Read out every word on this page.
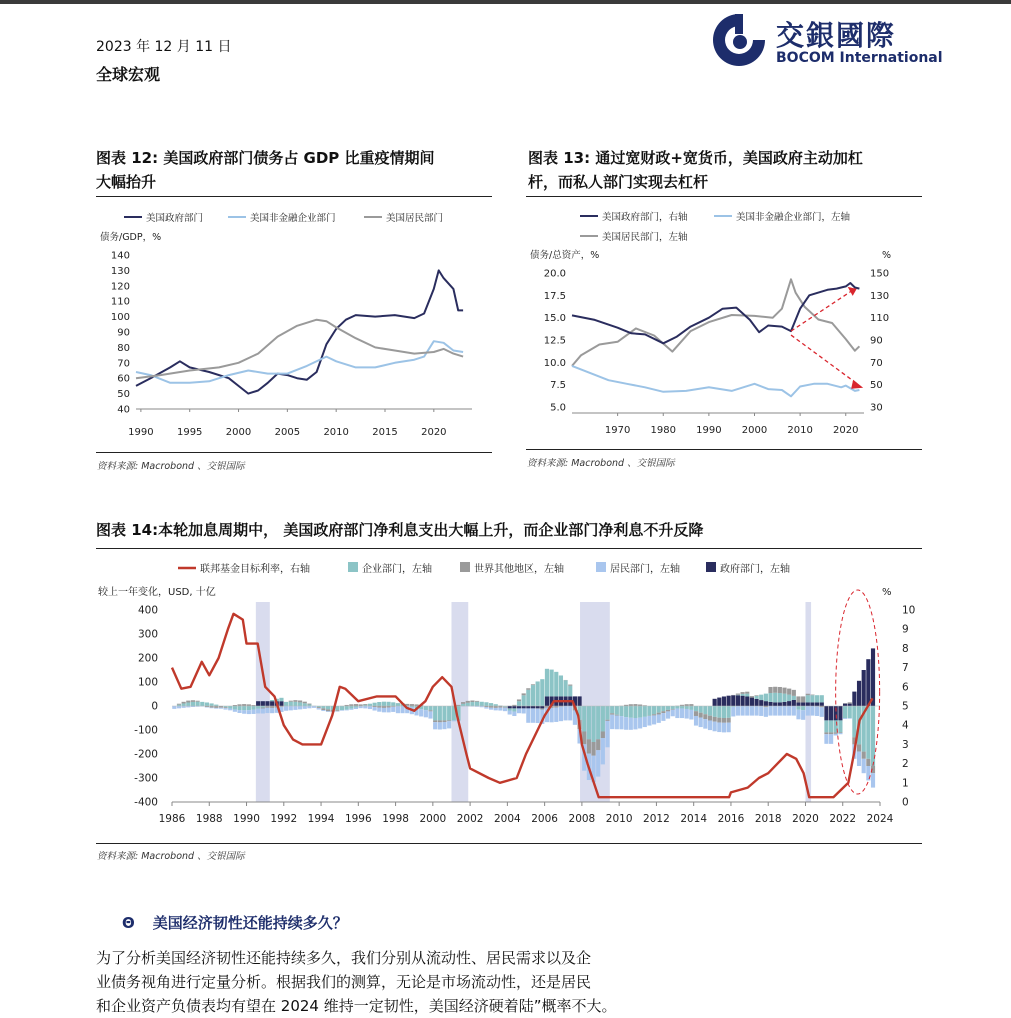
2023 年 12 月 11 日
全球宏观
交銀國際
BOCOM International
图表 12: 美国政府部门债务占 GDP 比重疫情期间
大幅抬升
美国政府部门	美国非金融企业部门	美国居民部门
债务/GDP，%
140
130
120
110
100
90
80
70
60
50
40
1990 1995 2000 2005 2010 2015 2020
资料来源: Macrobond 、交银国际
图表 13: 通过宽财政+宽货币，美国政府主动加杠
杆，而私人部门实现去杠杆
美国政府部门，右轴	美国非金融企业部门，左轴
美国居民部门，左轴
债务/总资产，%	%
20.0
17.5
15.0
12.5
10.0
7.5
5.0
150
130
110
90
70
50
30
1970 1980 1990 2000 2010 2020
资料来源: Macrobond 、交银国际
图表 14:本轮加息周期中， 美国政府部门净利息支出大幅上升，而企业部门净利息不升反降
联邦基金目标利率，右轴	企业部门，左轴	世界其他地区，左轴	居民部门，左轴	政府部门，左轴
较上一年变化，USD, 十亿	%
400
300
200
100
0
-100
-200
-300
-400
10
9
8
7
6
5
4
3
2
1
0
1986 1988 1990 1992 1994 1996 1998 2000 2002 2004 2006 2008 2010 2012 2014 2016 2018 2020 2022 2024
资料来源: Macrobond 、交银国际
Θ 美国经济韧性还能持续多久？
为了分析美国经济韧性还能持续多久，我们分别从流动性、居民需求以及企
业债务视角进行定量分析。根据我们的测算，无论是市场流动性，还是居民
和企业资产负债表均有望在 2024 维持一定韧性，美国经济硬着陆”概率不大。
